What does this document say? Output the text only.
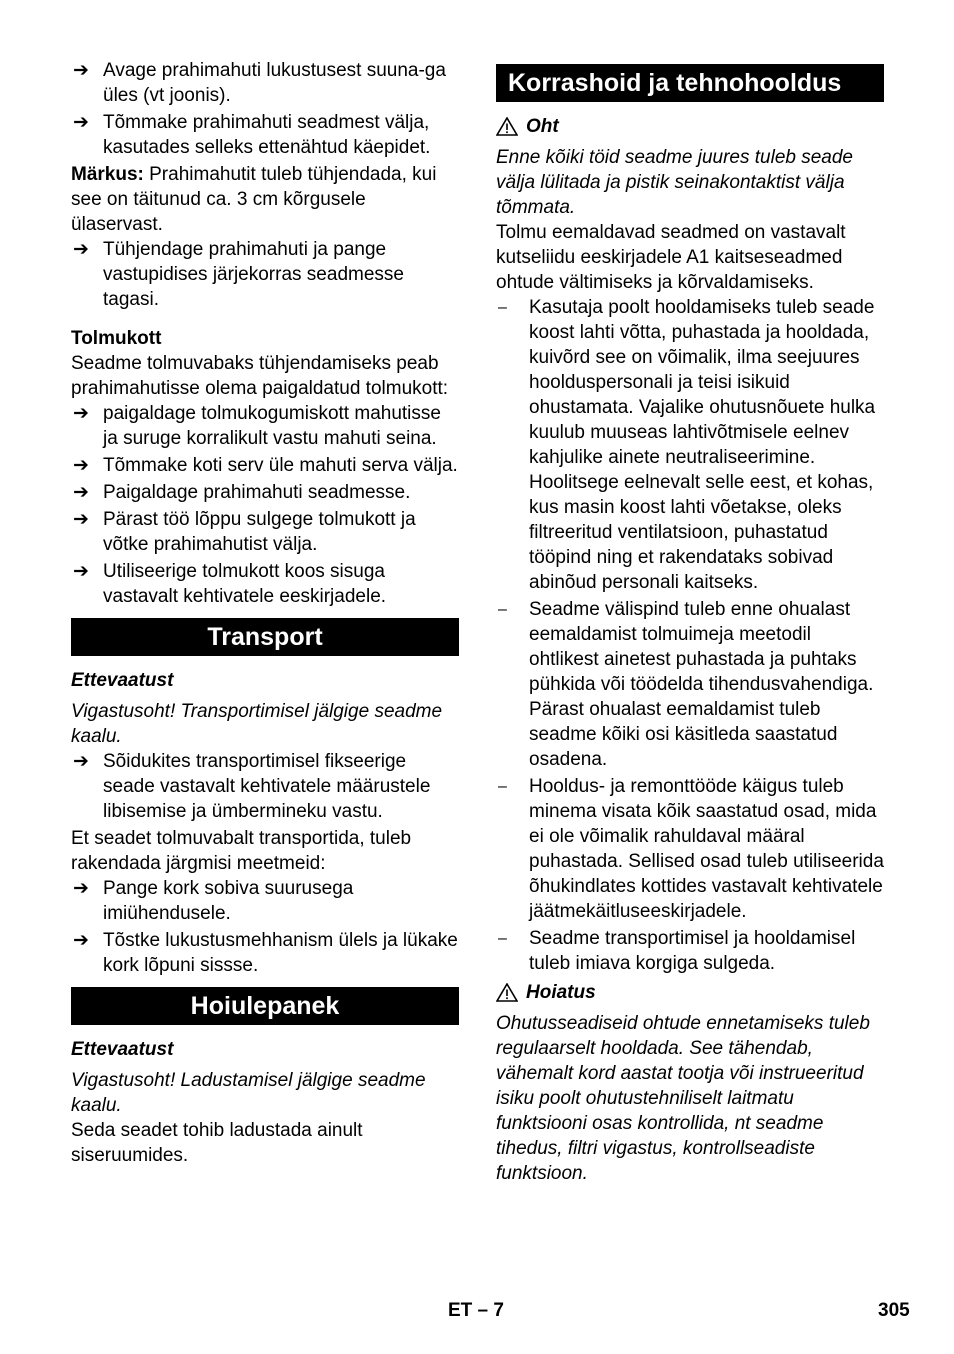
➔ Avage prahimahuti lukustusest suuna-ga üles (vt joonis).
➔ Tõmmake prahimahuti seadmest välja, kasutades selleks ettenähtud käepidet.

Märkus: Prahimahutit tuleb tühjendada, kui see on täitunud ca. 3 cm kõrgusele ülaservast.

➔ Tühjendage prahimahuti ja pange vastupidises järjekorras seadmesse tagasi.

Tolmukott

Seadme tolmuvabaks tühjendamiseks peab prahimahutisse olema paigaldatud tolmukott:

➔ paigaldage tolmukogumiskott mahutisse ja suruge korralikult vastu mahuti seina.
➔ Tõmmake koti serv üle mahuti serva välja.
➔ Paigaldage prahimahuti seadmesse.
➔ Pärast töö lõppu sulgege tolmukott ja võtke prahimahutist välja.
➔ Utiliseerige tolmukott koos sisuga vastavalt kehtivatele eeskirjadele.
Transport

Ettevaatust

Vigastusoht! Transportimisel jälgige seadme kaalu.

➔ Sõidukites transportimisel fikseerige seade vastavalt kehtivatele määrustele libisemise ja ümbermineku vastu.

Et seadet tolmuvabalt transportida, tuleb rakendada järgmisi meetmeid:

➔ Pange kork sobiva suurusega imiühendusele.
➔ Tõstke lukustusmehhanism ülels ja lükake kork lõpuni sissse.
Hoiulepanek

Ettevaatust

Vigastusoht! Ladustamisel jälgige seadme kaalu.

Seda seadet tohib ladustada ainult siseruumides.

Korrashoid ja tehnohooldus
Oht

Enne kõiki töid seadme juures tuleb seade välja lülitada ja pistik seinakontaktist välja tõmmata.

Tolmu eemaldavad seadmed on vastavalt kutseliidu eeskirjadele A1 kaitseseadmed ohtude vältimiseks ja kõrvaldamiseks.

– Kasutaja poolt hooldamiseks tuleb seade koost lahti võtta, puhastada ja hooldada, kuivõrd see on võimalik, ilma seejuures hoolduspersonali ja teisi isikuid ohustamata. Vajalike ohutusnõuete hulka kuulub muuseas lahtivõtmisele eelnev kahjulike ainete neutraliseerimine. Hoolitsege eelnevalt selle eest, et kohas, kus masin koost lahti võetakse, oleks filtreeritud ventilatsioon, puhastatud tööpind ning et rakendataks sobivad abinõud personali kaitseks.
– Seadme välispind tuleb enne ohualast eemaldamist tolmuimeja meetodil ohtlikest ainetest puhastada ja puhtaks pühkida või töödelda tihendusvahendiga. Pärast ohualast eemaldamist tuleb seadme kõiki osi käsitleda saastatud osadena.
– Hooldus- ja remonttööde käigus tuleb minema visata kõik saastatud osad, mida ei ole võimalik rahuldaval määral puhastada. Sellised osad tuleb utiliseerida õhukindlates kottides vastavalt kehtivatele jäätmekäitluseeskirjadele.
– Seadme transportimisel ja hooldamisel tuleb imiava korgiga sulgeda.
Hoiatus

Ohutusseadiseid ohtude ennetamiseks tuleb regulaarselt hooldada. See tähendab, vähemalt kord aastat tootja või instrueeritud isiku poolt ohutustehniliselt laitmatu funktsiooni osas kontrollida, nt seadme tihedus, filtri vigastus, kontrollseadiste funktsioon.

ET – 7	305
